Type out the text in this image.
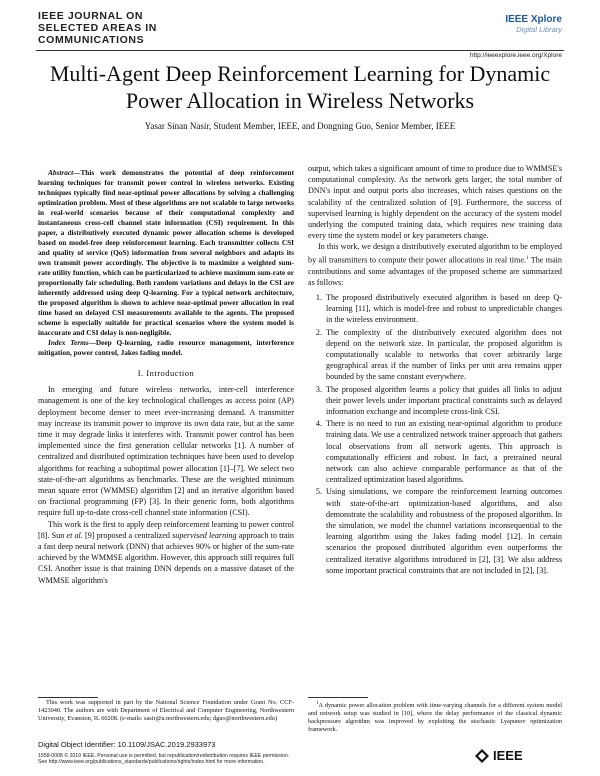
IEEE JOURNAL ON
SELECTED AREAS IN
COMMUNICATIONS
IEEE Xplore
Digital Library
http://ieeexplore.ieee.org/Xplore
Multi-Agent Deep Reinforcement Learning for Dynamic Power Allocation in Wireless Networks
Yasar Sinan Nasir, Student Member, IEEE, and Dongning Guo, Senior Member, IEEE

Abstract—This work demonstrates the potential of deep reinforcement learning techniques for transmit power control in wireless networks. Existing techniques typically find near-optimal power allocations by solving a challenging optimization problem. Most of these algorithms are not scalable to large networks in real-world scenarios because of their computational complexity and instantaneous cross-cell channel state information (CSI) requirement. In this paper, a distributively executed dynamic power allocation scheme is developed based on model-free deep reinforcement learning. Each transmitter collects CSI and quality of service (QoS) information from several neighbors and adapts its own transmit power accordingly. The objective is to maximize a weighted sum-rate utility function, which can be particularized to achieve maximum sum-rate or proportionally fair scheduling. Both random variations and delays in the CSI are inherently addressed using deep Q-learning. For a typical network architecture, the proposed algorithm is shown to achieve near-optimal power allocation in real time based on delayed CSI measurements available to the agents. The proposed scheme is especially suitable for practical scenarios where the system model is inaccurate and CSI delay is non-negligible.

Index Terms—Deep Q-learning, radio resource management, interference mitigation, power control, Jakes fading model.

I. Introduction

In emerging and future wireless networks, inter-cell interference management is one of the key technological challenges as access point (AP) deployment become denser to meet ever-increasing demand. A transmitter may increase its transmit power to improve its own data rate, but at the same time it may degrade links it interferes with. Transmit power control has been implemented since the first generation cellular networks [1]. A number of centralized and distributed optimization techniques have been used to develop algorithms for reaching a suboptimal power allocation [1]–[7]. We select two state-of-the-art algorithms as benchmarks. These are the weighted minimum mean square error (WMMSE) algorithm [2] and an iterative algorithm based on fractional programming (FP) [3]. In their generic form, both algorithms require full up-to-date cross-cell channel state information (CSI).

This work is the first to apply deep reinforcement learning to power control [8]. Sun et al. [9] proposed a centralized supervised learning approach to train a fast deep neural network (DNN) that achieves 90% or higher of the sum-rate achieved by the WMMSE algorithm. However, this approach still requires full CSI. Another issue is that training DNN depends on a massive dataset of the WMMSE algorithm's

output, which takes a significant amount of time to produce due to WMMSE's computational complexity. As the network gets larger, the total number of DNN's input and output ports also increases, which raises questions on the scalability of the centralized solution of [9]. Furthermore, the success of supervised learning is highly dependent on the accuracy of the system model underlying the computed training data, which requires new training data every time the system model or key parameters change.

In this work, we design a distributively executed algorithm to be employed by all transmitters to compute their power allocations in real time.$^1$ The main contributions and some advantages of the proposed scheme are summarized as follows:

1. The proposed distributively executed algorithm is based on deep Q-learning [11], which is model-free and robust to unpredictable changes in the wireless environment.
2. The complexity of the distributively executed algorithm does not depend on the network size. In particular, the proposed algorithm is computationally scalable to networks that cover arbitrarily large geographical areas if the number of links per unit area remains upper bounded by the same constant everywhere.
3. The proposed algorithm learns a policy that guides all links to adjust their power levels under important practical constraints such as delayed information exchange and incomplete cross-link CSI.
4. There is no need to run an existing near-optimal algorithm to produce training data. We use a centralized network trainer approach that gathers local observations from all network agents. This approach is computationally efficient and robust. In fact, a pretrained neural network can also achieve comparable performance as that of the centralized optimization based algorithms.
5. Using simulations, we compare the reinforcement learning outcomes with state-of-the-art optimization-based algorithms, and also demonstrate the scalability and robustness of the proposed algorithm. In the simulation, we model the channel variations inconsequential to the learning algorithm using the Jakes fading model [12]. In certain scenarios the proposed distributed algorithm even outperforms the centralized iterative algorithms introduced in [2], [3]. We also address some important practical constraints that are not included in [2], [3].

This work was supported in part by the National Science Foundation under Grant No. CCF-1423040. The authors are with Department of Electrical and Computer Engineering, Northwestern University, Evanston, IL 60208. (e-mails: sasir@u.northwestern.edu; dguo@northwestern.edu)

Digital Object Identifier: 10.1109/JSAC.2019.2933973

$^1$A dynamic power allocation problem with time-varying channels for a different system model and network setup was studied in [10], where the delay performance of the classical dynamic backpressure algorithm was improved by exploiting the stochastic Lyapunov optimization framework.

1558-0008 © 2019 IEEE. Personal use is permitted, but republication/redistribution requires IEEE permission.
See http://www.ieee.org/publications_standards/publications/rights/index.html for more information.	IEEE
